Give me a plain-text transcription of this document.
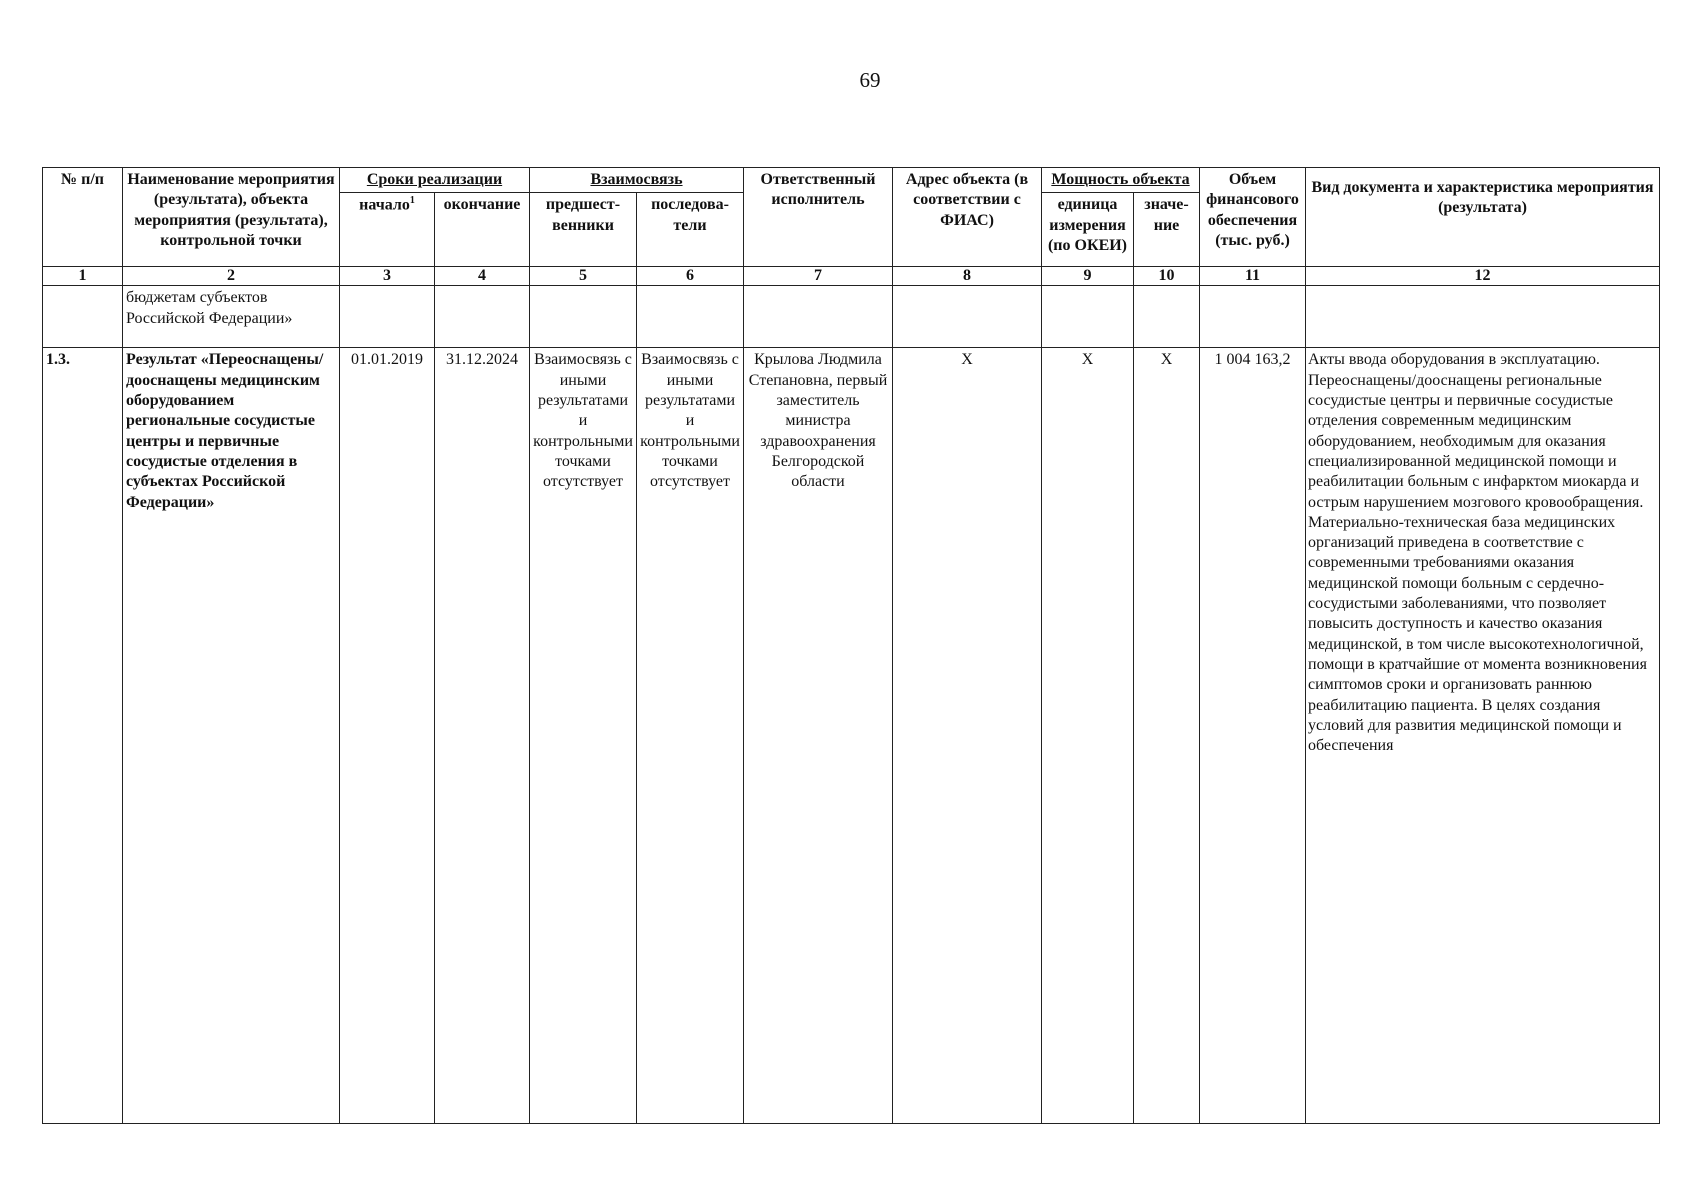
69
№ п/п	Наименование мероприятия (результата), объекта мероприятия (результата), контрольной точки	Сроки реализации		Взаимосвязь		Ответственный исполнитель	Адрес объекта (в соответствии с ФИАС)	Мощность объекта		Объем финансового обеспечения (тыс. руб.)	Вид документа и характеристика мероприятия (результата)
		начало$^1$	окончание	предшест-венники	последова-тели			единица измерения (по ОКЕИ)	значе-ние		
1	2	3	4	5	6	7	8	9	10	11	12
	бюджетам субъектов Российской Федерации»										
1.3.	Результат «Переоснащены/дооснащены медицинским оборудованием региональные сосудистые центры и первичные сосудистые отделения в субъектах Российской Федерации»	01.01.2019	31.12.2024	Взаимосвязь с иными результатами и контрольными точками отсутствует	Взаимосвязь с иными результатами и контрольными точками отсутствует	Крылова Людмила Степановна, первый заместитель министра здравоохранения Белгородской области	X	X	X	1 004 163,2	Акты ввода оборудования в эксплуатацию. Переоснащены/дооснащены региональные сосудистые центры и первичные сосудистые отделения современным медицинским оборудованием, необходимым для оказания специализированной медицинской помощи и реабилитации больным с инфарктом миокарда и острым нарушением мозгового кровообращения. Материально-техническая база медицинских организаций приведена в соответствие с современными требованиями оказания медицинской помощи больным с сердечно-сосудистыми заболеваниями, что позволяет повысить доступность и качество оказания медицинской, в том числе высокотехнологичной, помощи в кратчайшие от момента возникновения симптомов сроки и организовать раннюю реабилитацию пациента. В целях создания условий для развития медицинской помощи и обеспечения
